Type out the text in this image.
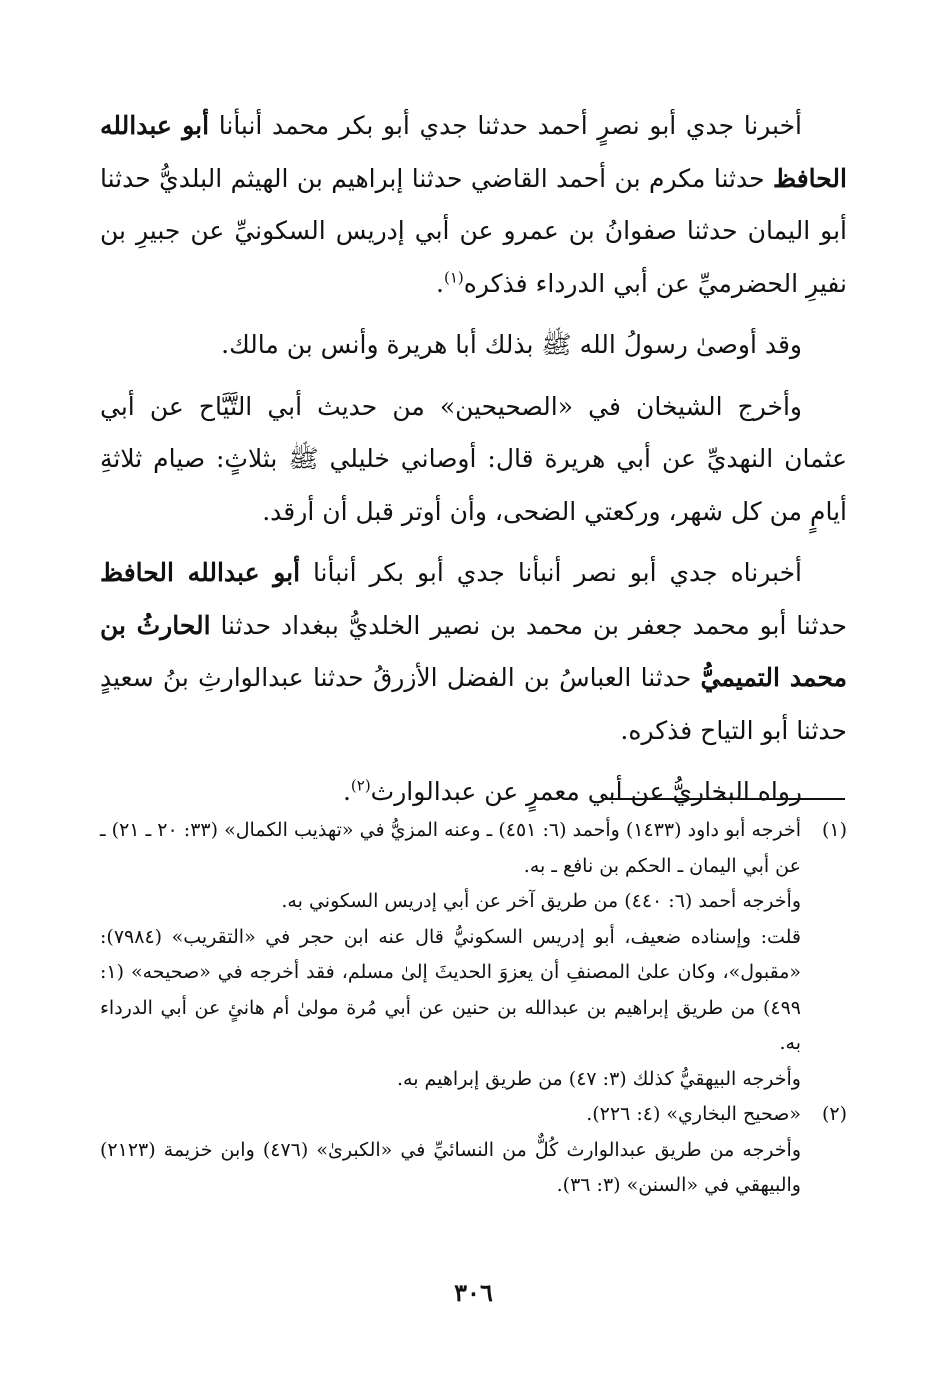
أخبرنا جدي أبو نصرٍ أحمد حدثنا جدي أبو بكر محمد أنبأنا أبو عبدالله الحافظ حدثنا مكرم بن أحمد القاضي حدثنا إبراهيم بن الهيثم البلديُّ حدثنا أبو اليمان حدثنا صفوانُ بن عمرو عن أبي إدريس السكونيِّ عن جبيرِ بن نفيرِ الحضرميِّ عن أبي الدرداء فذكره$^{(١)}$.

وقد أوصىٰ رسولُ الله ﷺ بذلك أبا هريرة وأنس بن مالك.

وأخرج الشيخان في «الصحيحين» من حديث أبي التَّيَّاح عن أبي عثمان النهديِّ عن أبي هريرة قال: أوصاني خليلي ﷺ بثلاثٍ: صيام ثلاثةِ أيامٍ من كل شهر، وركعتي الضحى، وأن أوتر قبل أن أرقد.

أخبرناه جدي أبو نصر أنبأنا جدي أبو بكر أنبأنا أبو عبدالله الحافظ حدثنا أبو محمد جعفر بن محمد بن نصير الخلديُّ ببغداد حدثنا الحارثُ بن محمد التميميُّ حدثنا العباسُ بن الفضل الأزرقُ حدثنا عبدالوارثِ بنُ سعيدٍ حدثنا أبو التياح فذكره.

رواه البخاريُّ عن أبي معمرٍ عن عبدالوارث$^{(٢)}$.

(١)

أخرجه أبو داود (١٤٣٣) وأحمد (٦: ٤٥١) ـ وعنه المزيُّ في «تهذيب الكمال» (٣٣: ٢٠ ـ ٢١) ـ عن أبي اليمان ـ الحكم بن نافع ـ به.

وأخرجه أحمد (٦: ٤٤٠) من طريق آخر عن أبي إدريس السكوني به.

قلت: وإسناده ضعيف، أبو إدريس السكونيُّ قال عنه ابن حجر في «التقريب» (٧٩٨٤): «مقبول»، وكان علىٰ المصنفِ أن يعزوَ الحديثَ إلىٰ مسلم، فقد أخرجه في «صحيحه» (١: ٤٩٩) من طريق إبراهيم بن عبدالله بن حنين عن أبي مُرة مولىٰ أم هانئٍ عن أبي الدرداء به.

وأخرجه البيهقيُّ كذلك (٣: ٤٧) من طريق إبراهيم به.

(٢)

«صحيح البخاري» (٤: ٢٢٦).

وأخرجه من طريق عبدالوارث كُلٌّ من النسائيِّ في «الكبرىٰ» (٤٧٦) وابن خزيمة (٢١٢٣) والبيهقي في «السنن» (٣: ٣٦).

٣٠٦
